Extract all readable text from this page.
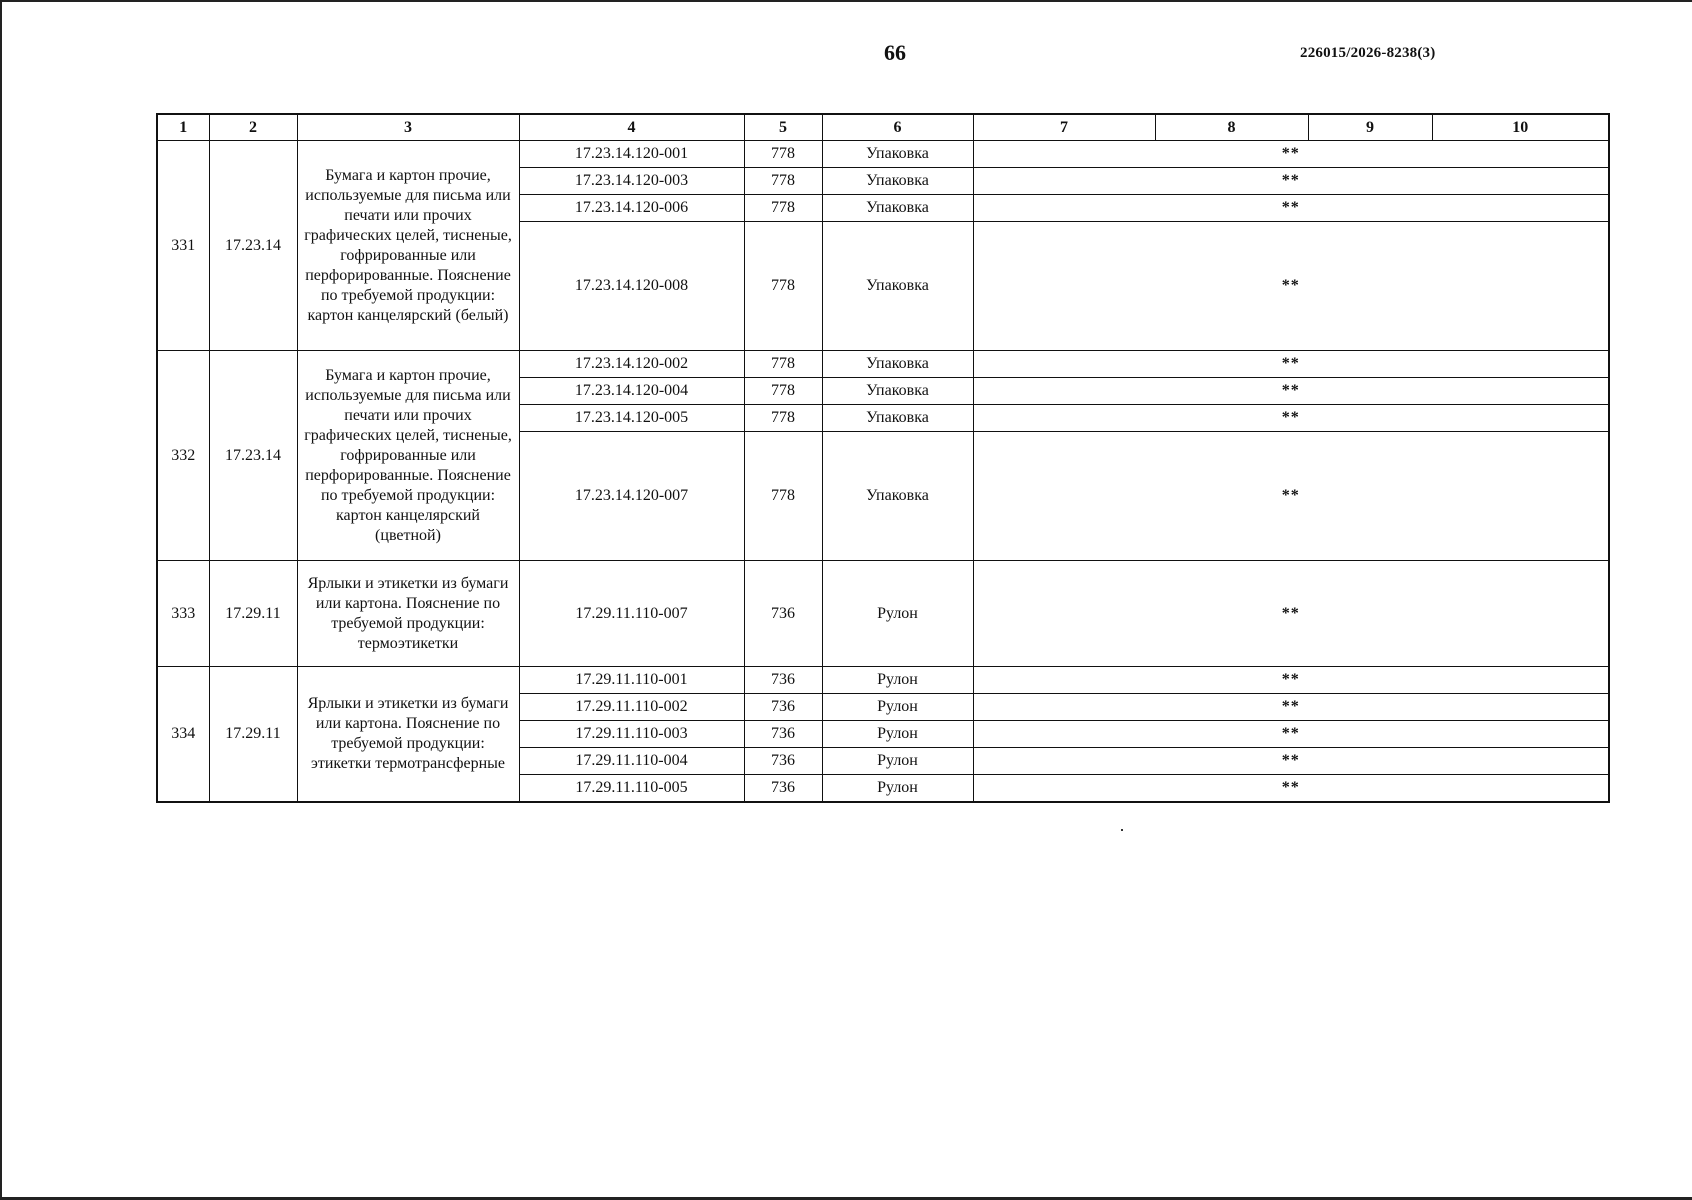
66	226015/2026-8238(3)
1	2	3	4	5	6	7	8	9	10
331	17.23.14	Бумага и картон прочие, используемые для письма или печати или прочих графических целей, тисненые, гофрированные или перфорированные. Пояснение по требуемой продукции: картон канцелярский (белый)	17.23.14.120-001	778	Упаковка	**			
			17.23.14.120-003	778	Упаковка	**			
			17.23.14.120-006	778	Упаковка	**			
			17.23.14.120-008	778	Упаковка	**			
332	17.23.14	Бумага и картон прочие, используемые для письма или печати или прочих графических целей, тисненые, гофрированные или перфорированные. Пояснение по требуемой продукции: картон канцелярский (цветной)	17.23.14.120-002	778	Упаковка	**			
			17.23.14.120-004	778	Упаковка	**			
			17.23.14.120-005	778	Упаковка	**			
			17.23.14.120-007	778	Упаковка	**			
333	17.29.11	Ярлыки и этикетки из бумаги или картона. Пояснение по требуемой продукции: термоэтикетки	17.29.11.110-007	736	Рулон	**			
334	17.29.11	Ярлыки и этикетки из бумаги или картона. Пояснение по требуемой продукции: этикетки термотрансферные	17.29.11.110-001	736	Рулон	**			
			17.29.11.110-002	736	Рулон	**			
			17.29.11.110-003	736	Рулон	**			
			17.29.11.110-004	736	Рулон	**			
			17.29.11.110-005	736	Рулон	**			
